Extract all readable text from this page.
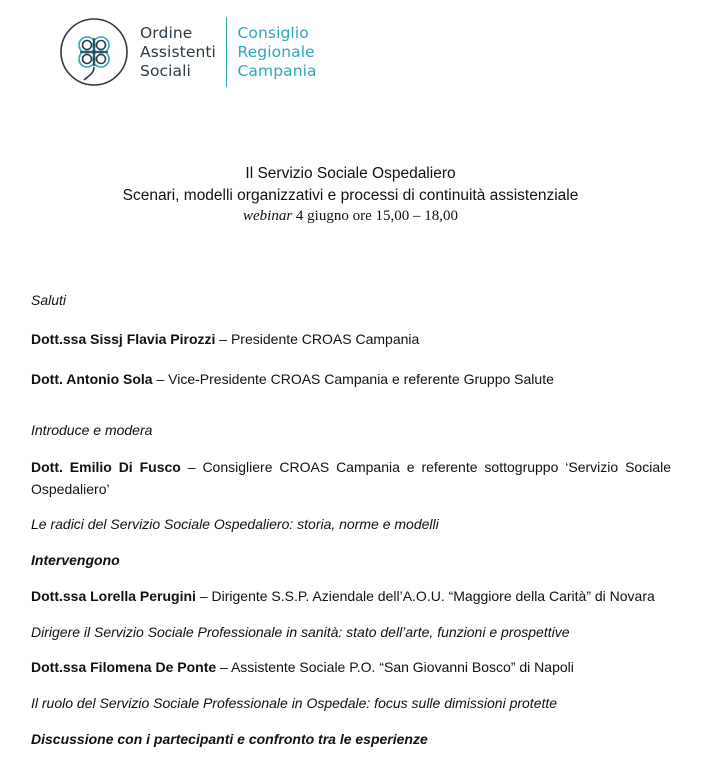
Ordine
Assistenti
Sociali
Consiglio
Regionale
Campania
Il Servizio Sociale Ospedaliero
Scenari, modelli organizzativi e processi di continuità assistenziale
webinar 4 giugno ore 15,00 – 18,00

Saluti

Dott.ssa Sissj Flavia Pirozzi – Presidente CROAS Campania

Dott. Antonio Sola – Vice-Presidente CROAS Campania e referente Gruppo Salute

Introduce e modera

Dott. Emilio Di Fusco – Consigliere CROAS Campania e referente sottogruppo ‘Servizio Sociale Ospedaliero’

Le radici del Servizio Sociale Ospedaliero: storia, norme e modelli

Intervengono

Dott.ssa Lorella Perugini – Dirigente S.S.P. Aziendale dell’A.O.U. “Maggiore della Carità” di Novara

Dirigere il Servizio Sociale Professionale in sanità: stato dell’arte, funzioni e prospettive

Dott.ssa Filomena De Ponte – Assistente Sociale P.O. “San Giovanni Bosco” di Napoli

Il ruolo del Servizio Sociale Professionale in Ospedale: focus sulle dimissioni protette

Discussione con i partecipanti e confronto tra le esperienze
